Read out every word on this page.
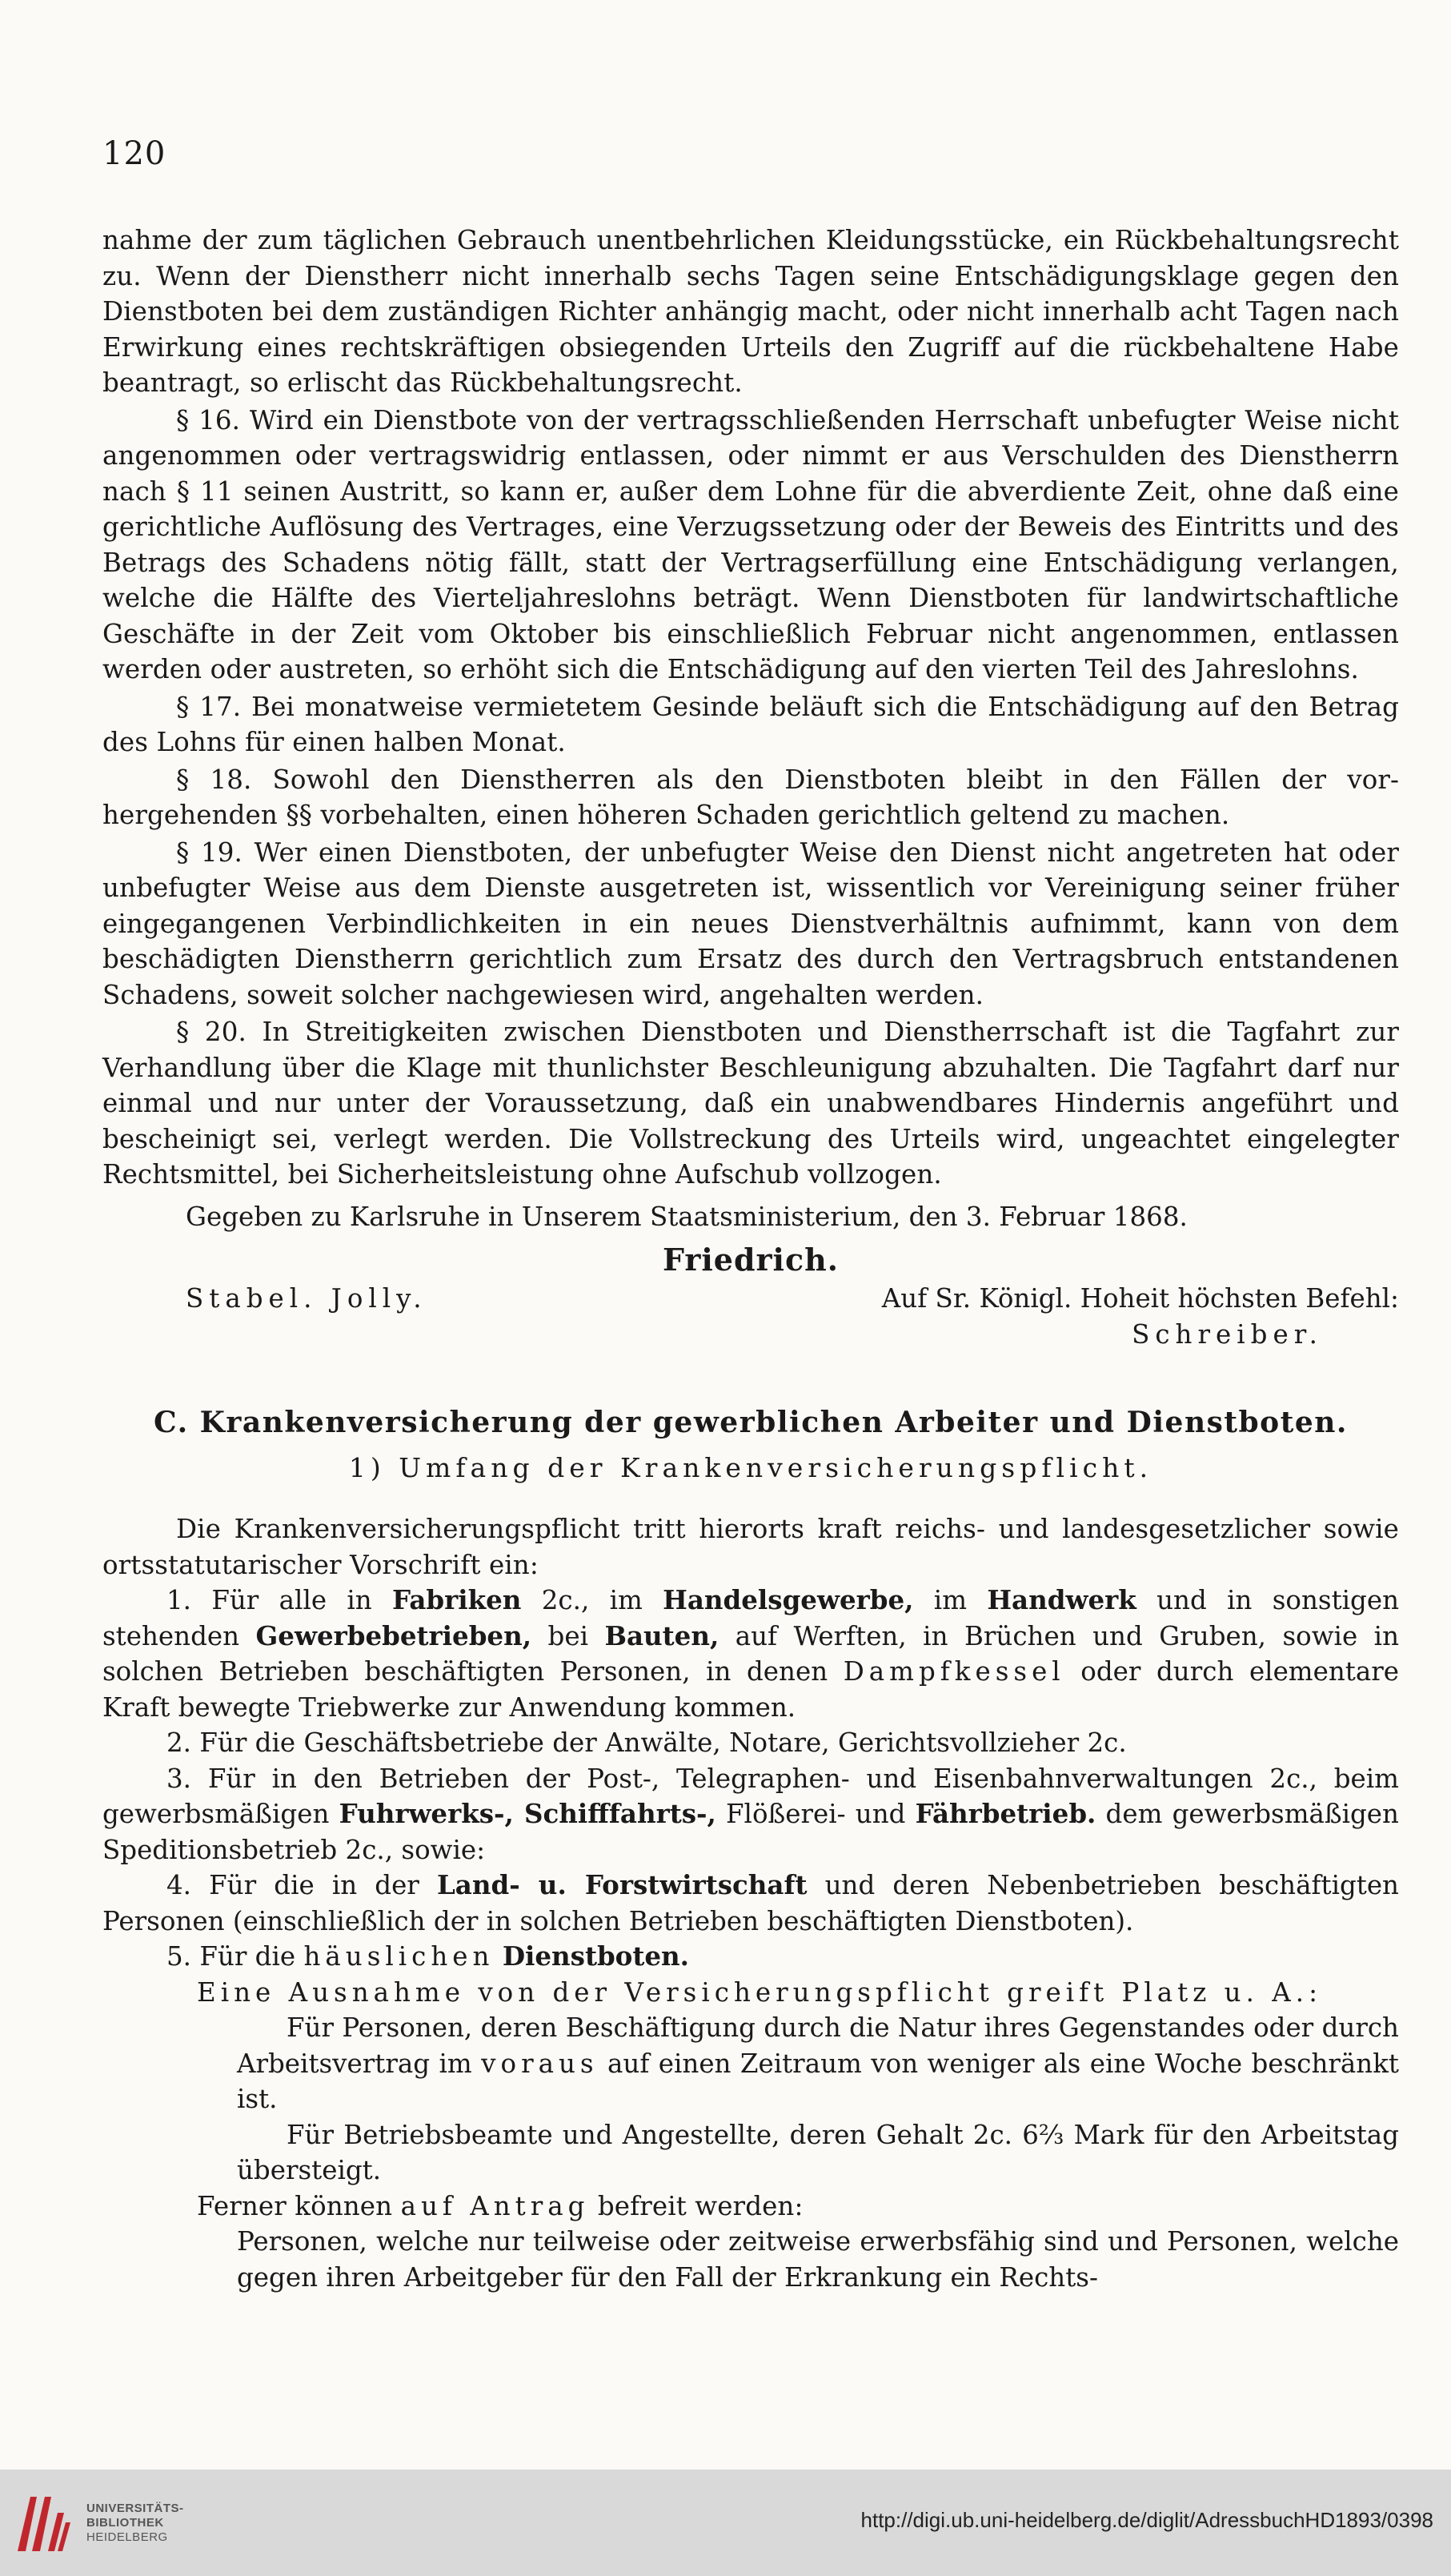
120

nahme der zum täglichen Gebrauch unentbehrlichen Kleidungsstücke, ein Rückbehaltungsrecht zu. Wenn der Dienstherr nicht innerhalb sechs Tagen seine Entschädigungsklage gegen den Dienstboten bei dem zuständigen Richter anhängig macht, oder nicht innerhalb acht Tagen nach Erwirkung eines rechtskräftigen obsiegenden Urteils den Zugriff auf die rückbehaltene Habe beantragt, so erlischt das Rückbehaltungsrecht.

§ 16. Wird ein Dienstbote von der vertragsschließenden Herrschaft unbefugter Weise nicht angenommen oder vertragswidrig entlassen, oder nimmt er aus Verschulden des Dienstherrn nach § 11 seinen Austritt, so kann er, außer dem Lohne für die abverdiente Zeit, ohne daß eine gerichtliche Auflösung des Vertrages, eine Verzugssetzung oder der Beweis des Eintritts und des Betrags des Schadens nötig fällt, statt der Vertragserfüllung eine Entschädigung verlangen, welche die Hälfte des Vierteljahreslohns beträgt. Wenn Dienstboten für landwirtschaftliche Geschäfte in der Zeit vom Oktober bis einschließlich Februar nicht angenommen, entlassen werden oder austreten, so erhöht sich die Entschädigung auf den vierten Teil des Jahreslohns.

§ 17. Bei monatweise vermietetem Gesinde beläuft sich die Entschädigung auf den Betrag des Lohns für einen halben Monat.

§ 18. Sowohl den Dienstherren als den Dienstboten bleibt in den Fällen der vorhergehenden §§ vorbehalten, einen höheren Schaden gerichtlich geltend zu machen.

§ 19. Wer einen Dienstboten, der unbefugter Weise den Dienst nicht angetreten hat oder unbefugter Weise aus dem Dienste ausgetreten ist, wissentlich vor Vereinigung seiner früher eingegangenen Verbindlichkeiten in ein neues Dienstverhältnis aufnimmt, kann von dem beschädigten Dienstherrn gerichtlich zum Ersatz des durch den Vertragsbruch entstandenen Schadens, soweit solcher nachgewiesen wird, angehalten werden.

§ 20. In Streitigkeiten zwischen Dienstboten und Dienstherrschaft ist die Tagfahrt zur Verhandlung über die Klage mit thunlichster Beschleunigung abzuhalten. Die Tagfahrt darf nur einmal und nur unter der Voraussetzung, daß ein unabwendbares Hindernis angeführt und bescheinigt sei, verlegt werden. Die Vollstreckung des Urteils wird, ungeachtet eingelegter Rechtsmittel, bei Sicherheitsleistung ohne Aufschub vollzogen.

Gegeben zu Karlsruhe in Unserem Staatsministerium, den 3. Februar 1868.
Friedrich.
Stabel. Jolly.	Auf Sr. Königl. Hoheit höchsten Befehl:
Schreiber.
C. Krankenversicherung der gewerblichen Arbeiter und Dienstboten.
1) Umfang der Krankenversicherungspflicht.

Die Krankenversicherungspflicht tritt hierorts kraft reichs- und landesgesetzlicher sowie ortsstatutarischer Vorschrift ein:

1. Für alle in Fabriken 2c., im Handelsgewerbe, im Handwerk und in sonstigen stehenden Gewerbebetrieben, bei Bauten, auf Werften, in Brüchen und Gruben, sowie in solchen Betrieben beschäftigten Personen, in denen Dampfkessel oder durch elementare Kraft bewegte Triebwerke zur Anwendung kommen.

2. Für die Geschäftsbetriebe der Anwälte, Notare, Gerichtsvollzieher 2c.

3. Für in den Betrieben der Post-, Telegraphen- und Eisenbahnverwaltungen 2c., beim gewerbsmäßigen Fuhrwerks-, Schifffahrts-, Flößerei- und Fährbetrieb. dem gewerbsmäßigen Speditionsbetrieb 2c., sowie:

4. Für die in der Land- u. Forstwirtschaft und deren Nebenbetrieben beschäftigten Personen (einschließlich der in solchen Betrieben beschäftigten Dienstboten).

5. Für die häuslichen Dienstboten.

Eine Ausnahme von der Versicherungspflicht greift Platz u. A.:

Für Personen, deren Beschäftigung durch die Natur ihres Gegenstandes oder durch Arbeitsvertrag im voraus auf einen Zeitraum von weniger als eine Woche beschränkt ist.

Für Betriebsbeamte und Angestellte, deren Gehalt 2c. 6⅔ Mark für den Arbeitstag übersteigt.

Ferner können auf Antrag befreit werden:

Personen, welche nur teilweise oder zeitweise erwerbsfähig sind und Personen, welche gegen ihren Arbeitgeber für den Fall der Erkrankung ein Rechts-

UNIVERSITÄTS-
BIBLIOTHEK
HEIDELBERG
http://digi.ub.uni-heidelberg.de/diglit/AdressbuchHD1893/0398
